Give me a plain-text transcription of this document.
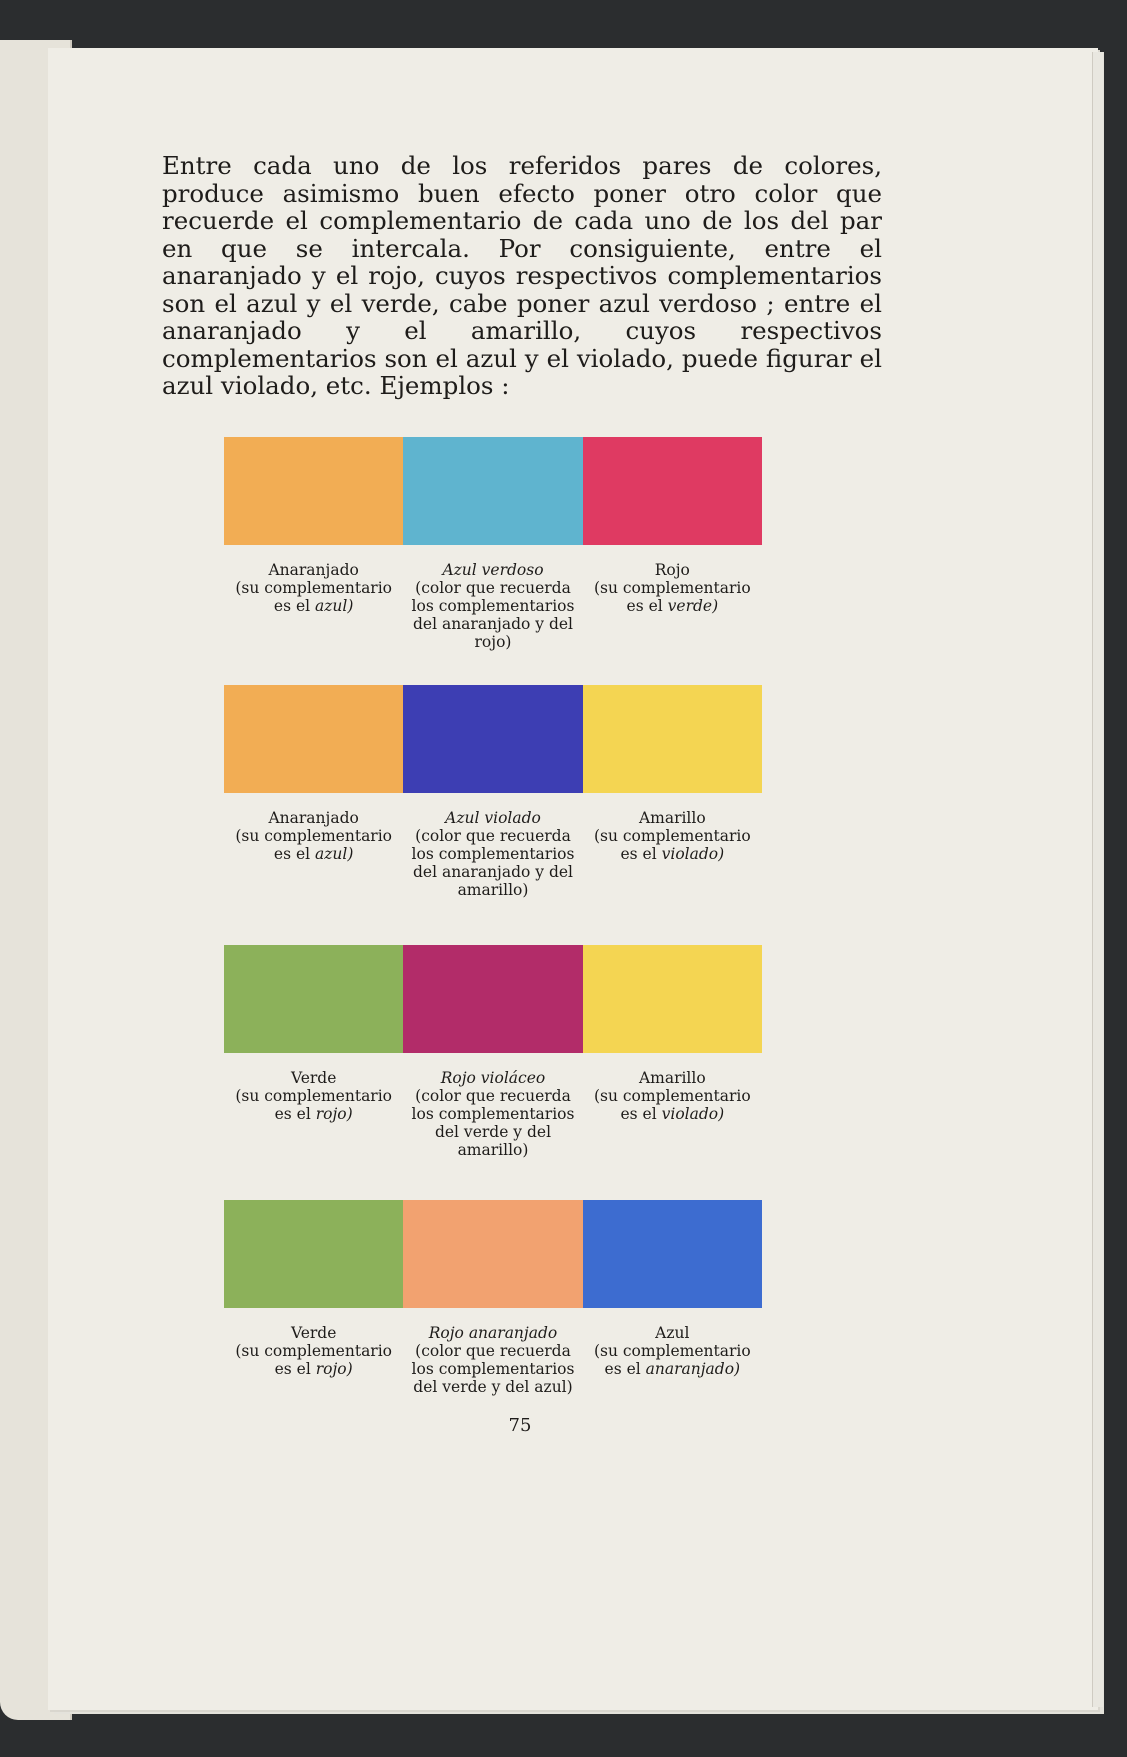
Entre cada uno de los referidos pares de colores, produce asimismo buen efecto poner otro color que recuerde el complementario de cada uno de los del par en que se intercala. Por consiguiente, entre el anaranjado y el rojo, cuyos respectivos complementarios son el azul y el verde, cabe poner azul verdoso ; entre el anaranjado y el amarillo, cuyos respectivos complementarios son el azul y el violado, puede figurar el azul violado, etc. Ejemplos :

Anaranjado
(su complementario es el azul)
Azul verdoso
(color que recuerda los complementarios del anaranjado y del rojo)
Rojo
(su complementario es el verde)
Anaranjado
(su complementario es el azul)
Azul violado
(color que recuerda los complementarios del anaranjado y del amarillo)
Amarillo
(su complementario es el violado)
Verde
(su complementario es el rojo)
Rojo violáceo
(color que recuerda los complementarios del verde y del amarillo)
Amarillo
(su complementario es el violado)
Verde
(su complementario es el rojo)
Rojo anaranjado
(color que recuerda los complementarios del verde y del azul)
Azul
(su complementario es el anaranjado)
75
